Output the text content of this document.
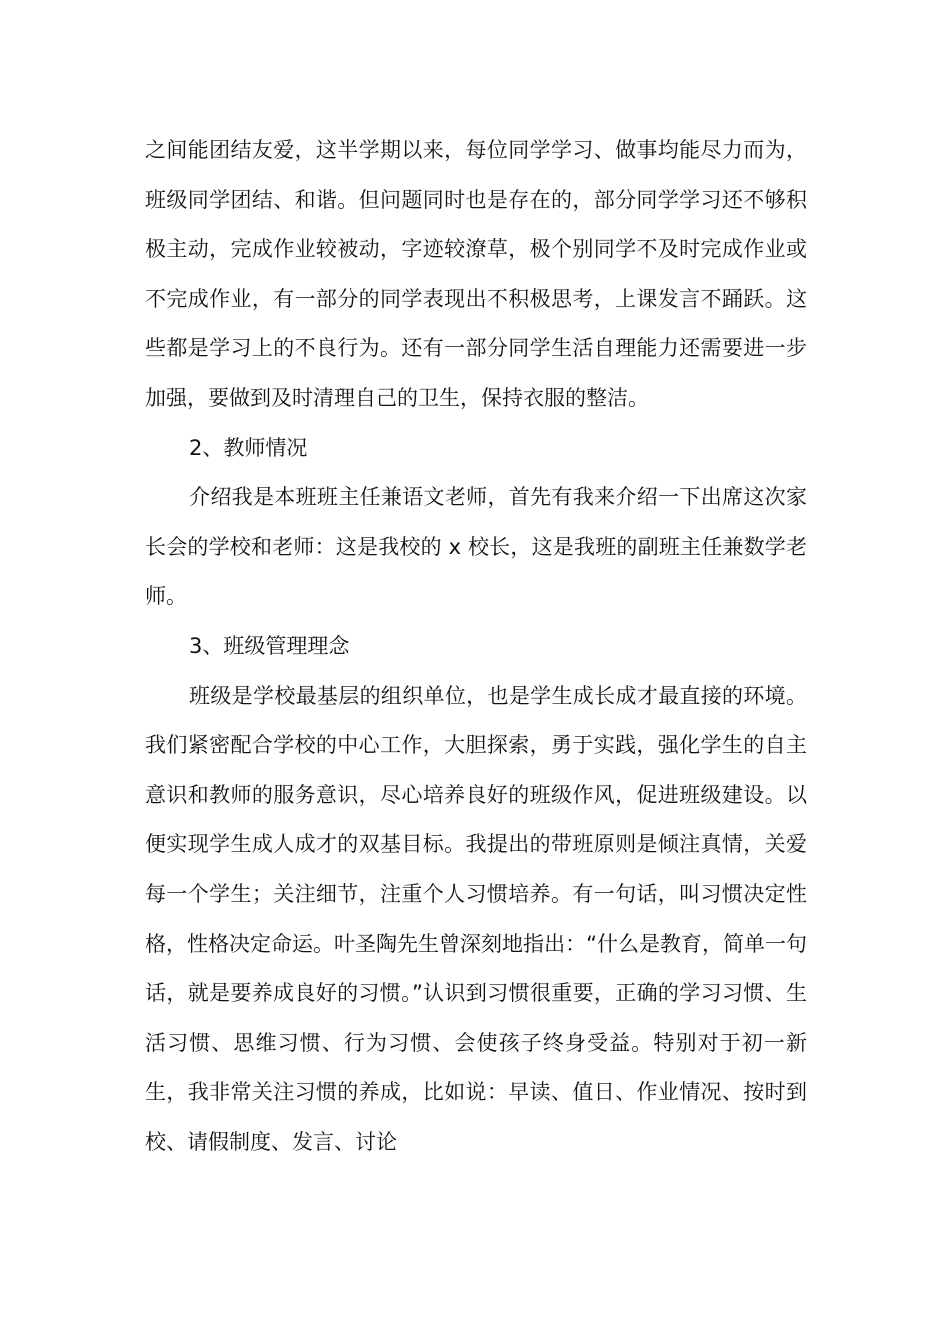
之间能团结友爱，这半学期以来，每位同学学习、做事均能尽力而为，班级同学团结、和谐。但问题同时也是存在的，部分同学学习还不够积极主动，完成作业较被动，字迹较潦草，极个别同学不及时完成作业或不完成作业，有一部分的同学表现出不积极思考，上课发言不踊跃。这些都是学习上的不良行为。还有一部分同学生活自理能力还需要进一步加强，要做到及时清理自己的卫生，保持衣服的整洁。

2、教师情况

介绍我是本班班主任兼语文老师，首先有我来介绍一下出席这次家长会的学校和老师：这是我校的 x 校长，这是我班的副班主任兼数学老师。

3、班级管理理念

班级是学校最基层的组织单位，也是学生成长成才最直接的环境。我们紧密配合学校的中心工作，大胆探索，勇于实践，强化学生的自主意识和教师的服务意识，尽心培养良好的班级作风，促进班级建设。以便实现学生成人成才的双基目标。我提出的带班原则是倾注真情，关爱每一个学生；关注细节，注重个人习惯培养。有一句话，叫习惯决定性格，性格决定命运。叶圣陶先生曾深刻地指出：“什么是教育，简单一句话，就是要养成良好的习惯。”认识到习惯很重要，正确的学习习惯、生活习惯、思维习惯、行为习惯、会使孩子终身受益。特别对于初一新生，我非常关注习惯的养成，比如说：早读、值日、作业情况、按时到校、请假制度、发言、讨论
